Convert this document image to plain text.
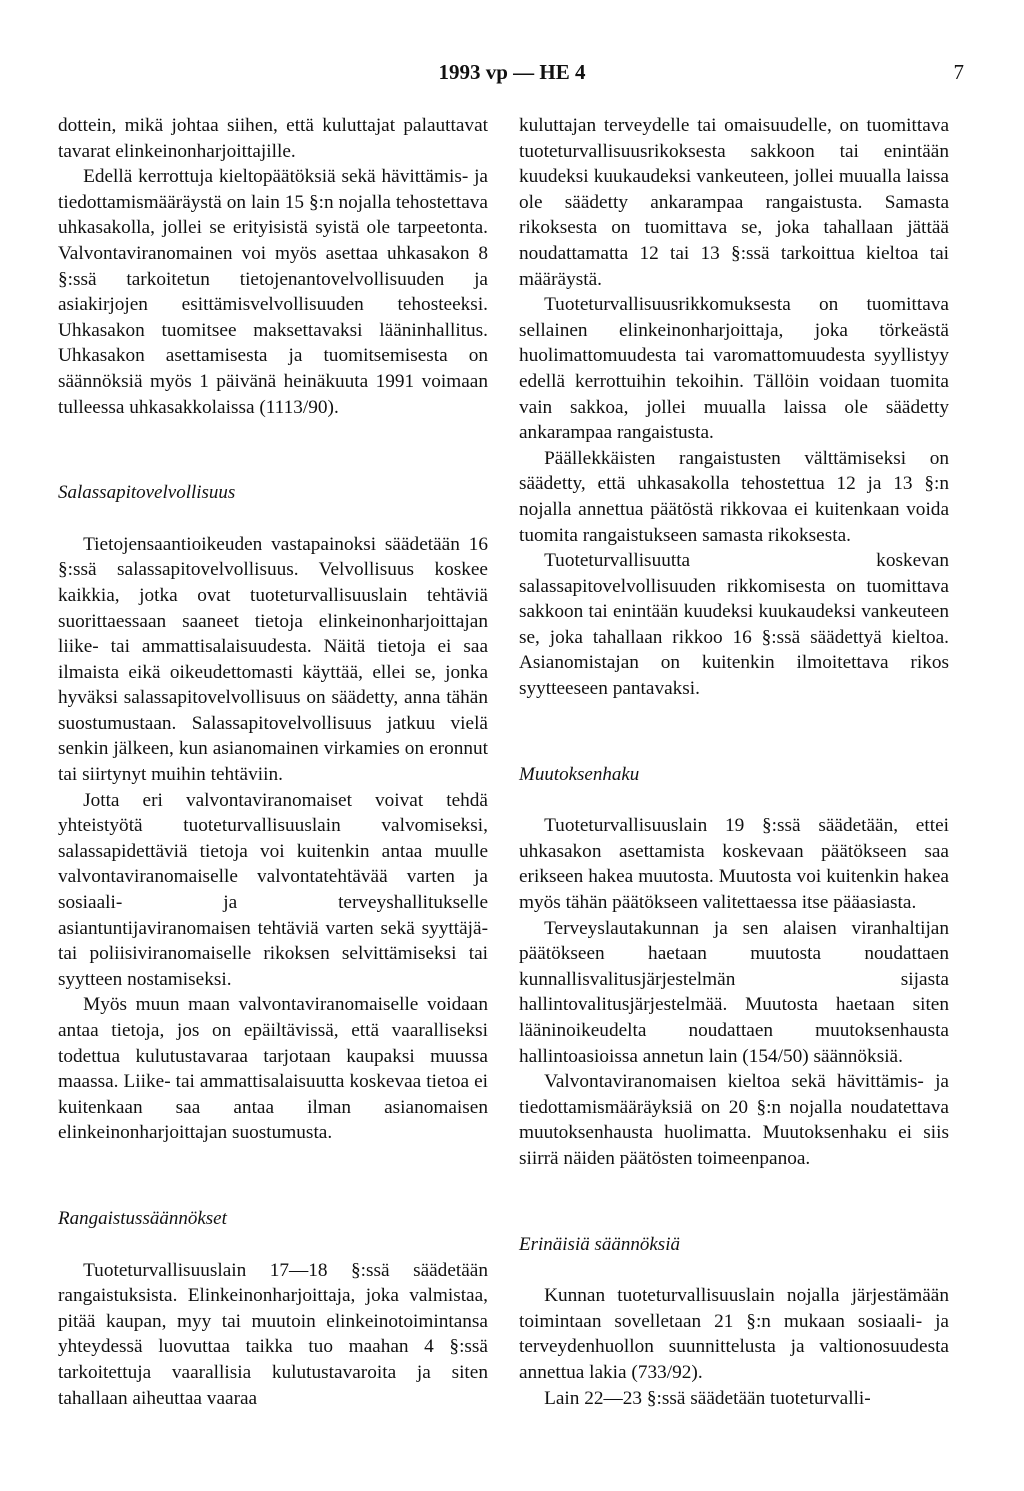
1993 vp — HE 4	7

dottein, mikä johtaa siihen, että kuluttajat palauttavat tavarat elinkeinonharjoittajille.

Edellä kerrottuja kieltopäätöksiä sekä hävittämis- ja tiedottamismääräystä on lain 15 §:n nojalla tehostettava uhkasakolla, jollei se erityisistä syistä ole tarpeetonta. Valvontaviranomainen voi myös asettaa uhkasakon 8 §:ssä tarkoitetun tietojenantovelvollisuuden ja asiakirjojen esittämisvelvollisuuden tehosteeksi. Uhkasakon tuomitsee maksettavaksi lääninhallitus. Uhkasakon asettamisesta ja tuomitsemisesta on säännöksiä myös 1 päivänä heinäkuuta 1991 voimaan tulleessa uhkasakkolaissa (1113/90).

Salassapitovelvollisuus

Tietojensaantioikeuden vastapainoksi säädetään 16 §:ssä salassapitovelvollisuus. Velvollisuus koskee kaikkia, jotka ovat tuoteturvallisuuslain tehtäviä suorittaessaan saaneet tietoja elinkeinonharjoittajan liike- tai ammattisalaisuudesta. Näitä tietoja ei saa ilmaista eikä oikeudettomasti käyttää, ellei se, jonka hyväksi salassapitovelvollisuus on säädetty, anna tähän suostumustaan. Salassapitovelvollisuus jatkuu vielä senkin jälkeen, kun asianomainen virkamies on eronnut tai siirtynyt muihin tehtäviin.

Jotta eri valvontaviranomaiset voivat tehdä yhteistyötä tuoteturvallisuuslain valvomiseksi, salassapidettäviä tietoja voi kuitenkin antaa muulle valvontaviranomaiselle valvontatehtävää varten ja sosiaali- ja terveyshallitukselle asiantuntijaviranomaisen tehtäviä varten sekä syyttäjä- tai poliisiviranomaiselle rikoksen selvittämiseksi tai syytteen nostamiseksi.

Myös muun maan valvontaviranomaiselle voidaan antaa tietoja, jos on epäiltävissä, että vaaralliseksi todettua kulutustavaraa tarjotaan kaupaksi muussa maassa. Liike- tai ammattisalaisuutta koskevaa tietoa ei kuitenkaan saa antaa ilman asianomaisen elinkeinonharjoittajan suostumusta.

Rangaistussäännökset

Tuoteturvallisuuslain 17—18 §:ssä säädetään rangaistuksista. Elinkeinonharjoittaja, joka valmistaa, pitää kaupan, myy tai muutoin elinkeinotoimintansa yhteydessä luovuttaa taikka tuo maahan 4 §:ssä tarkoitettuja vaarallisia kulutustavaroita ja siten tahallaan aiheuttaa vaaraa

kuluttajan terveydelle tai omaisuudelle, on tuomittava tuoteturvallisuusrikoksesta sakkoon tai enintään kuudeksi kuukaudeksi vankeuteen, jollei muualla laissa ole säädetty ankarampaa rangaistusta. Samasta rikoksesta on tuomittava se, joka tahallaan jättää noudattamatta 12 tai 13 §:ssä tarkoittua kieltoa tai määräystä.

Tuoteturvallisuusrikkomuksesta on tuomittava sellainen elinkeinonharjoittaja, joka törkeästä huolimattomuudesta tai varomattomuudesta syyllistyy edellä kerrottuihin tekoihin. Tällöin voidaan tuomita vain sakkoa, jollei muualla laissa ole säädetty ankarampaa rangaistusta.

Päällekkäisten rangaistusten välttämiseksi on säädetty, että uhkasakolla tehostettua 12 ja 13 §:n nojalla annettua päätöstä rikkovaa ei kuitenkaan voida tuomita rangaistukseen samasta rikoksesta.

Tuoteturvallisuutta koskevan salassapitovelvollisuuden rikkomisesta on tuomittava sakkoon tai enintään kuudeksi kuukaudeksi vankeuteen se, joka tahallaan rikkoo 16 §:ssä säädettyä kieltoa. Asianomistajan on kuitenkin ilmoitettava rikos syytteeseen pantavaksi.

Muutoksenhaku

Tuoteturvallisuuslain 19 §:ssä säädetään, ettei uhkasakon asettamista koskevaan päätökseen saa erikseen hakea muutosta. Muutosta voi kuitenkin hakea myös tähän päätökseen valitettaessa itse pääasiasta.

Terveyslautakunnan ja sen alaisen viranhaltijan päätökseen haetaan muutosta noudattaen kunnallisvalitusjärjestelmän sijasta hallintovalitusjärjestelmää. Muutosta haetaan siten lääninoikeudelta noudattaen muutoksenhausta hallintoasioissa annetun lain (154/50) säännöksiä.

Valvontaviranomaisen kieltoa sekä hävittämis- ja tiedottamismääräyksiä on 20 §:n nojalla noudatettava muutoksenhausta huolimatta. Muutoksenhaku ei siis siirrä näiden päätösten toimeenpanoa.

Erinäisiä säännöksiä

Kunnan tuoteturvallisuuslain nojalla järjestämään toimintaan sovelletaan 21 §:n mukaan sosiaali- ja terveydenhuollon suunnittelusta ja valtionosuudesta annettua lakia (733/92).

Lain 22—23 §:ssä säädetään tuoteturvalli-
